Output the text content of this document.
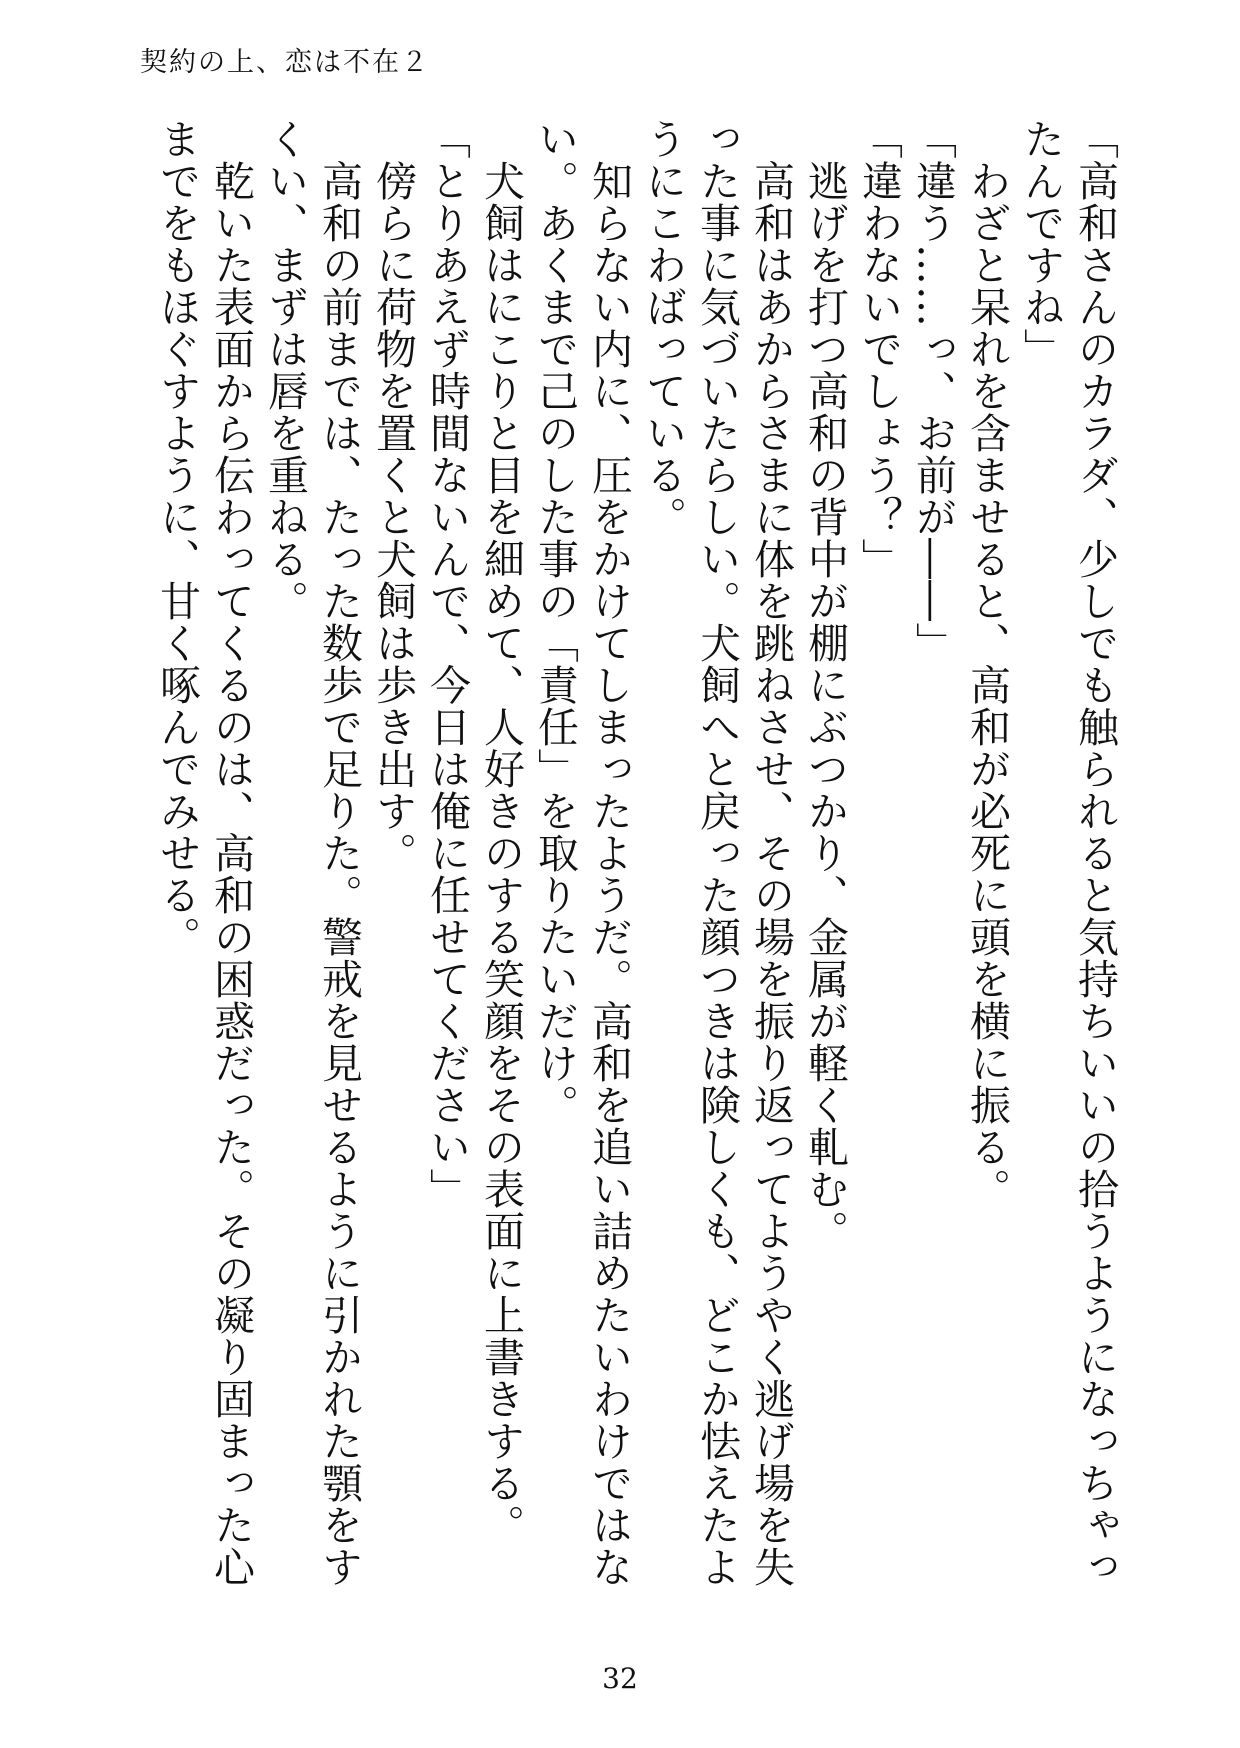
契約の上、恋は不在２

「高和さんのカラダ、少しでも触られると気持ちいいの拾うようになっちゃったんですね」

　わざと呆れを含ませると、高和が必死に頭を横に振る。

「違う……っ、お前が――」

「違わないでしょう？」

　逃げを打つ高和の背中が棚にぶつかり、金属が軽く軋む。

　高和はあからさまに体を跳ねさせ、その場を振り返ってようやく逃げ場を失った事に気づいたらしい。犬飼へと戻った顔つきは険しくも、どこか怯えたようにこわばっている。

　知らない内に、圧をかけてしまったようだ。高和を追い詰めたいわけではない。あくまで己のした事の「責任」を取りたいだけ。

　犬飼はにこりと目を細めて、人好きのする笑顔をその表面に上書きする。

「とりあえず時間ないんで、今日は俺に任せてください」

　傍らに荷物を置くと犬飼は歩き出す。

　高和の前までは、たった数歩で足りた。警戒を見せるように引かれた顎をすくい、まずは唇を重ねる。

　乾いた表面から伝わってくるのは、高和の困惑だった。その凝り固まった心までをもほぐすように、甘く啄んでみせる。

32
